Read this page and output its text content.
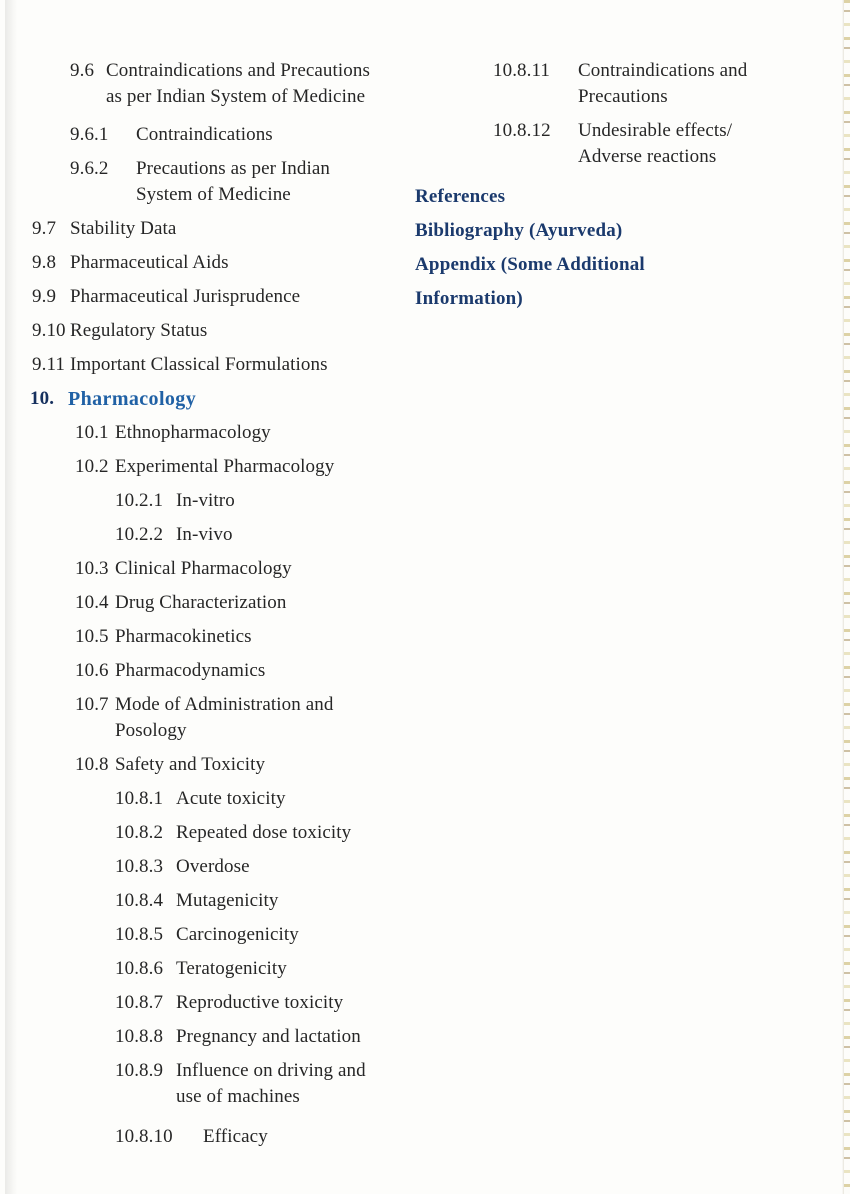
9.6 Contraindications and Precautions
as per Indian System of Medicine
9.6.1	Contraindications
9.6.2	Precautions as per Indian
System of Medicine
9.7 Stability Data
9.8 Pharmaceutical Aids
9.9 Pharmaceutical Jurisprudence
9.10 Regulatory Status
9.11 Important Classical Formulations
10. Pharmacology
10.1 Ethnopharmacology
10.2 Experimental Pharmacology
10.2.1 In-vitro
10.2.2 In-vivo
10.3 Clinical Pharmacology
10.4 Drug Characterization
10.5 Pharmacokinetics
10.6 Pharmacodynamics
10.7 Mode of Administration and
Posology
10.8 Safety and Toxicity
10.8.1 Acute toxicity
10.8.2 Repeated dose toxicity
10.8.3 Overdose
10.8.4 Mutagenicity
10.8.5 Carcinogenicity
10.8.6 Teratogenicity
10.8.7 Reproductive toxicity
10.8.8 Pregnancy and lactation
10.8.9 Influence on driving and
use of machines
10.8.10	Efficacy
10.8.11	Contraindications and
Precautions
10.8.12	Undesirable effects/
Adverse reactions
References
Bibliography (Ayurveda)
Appendix (Some Additional
Information)
